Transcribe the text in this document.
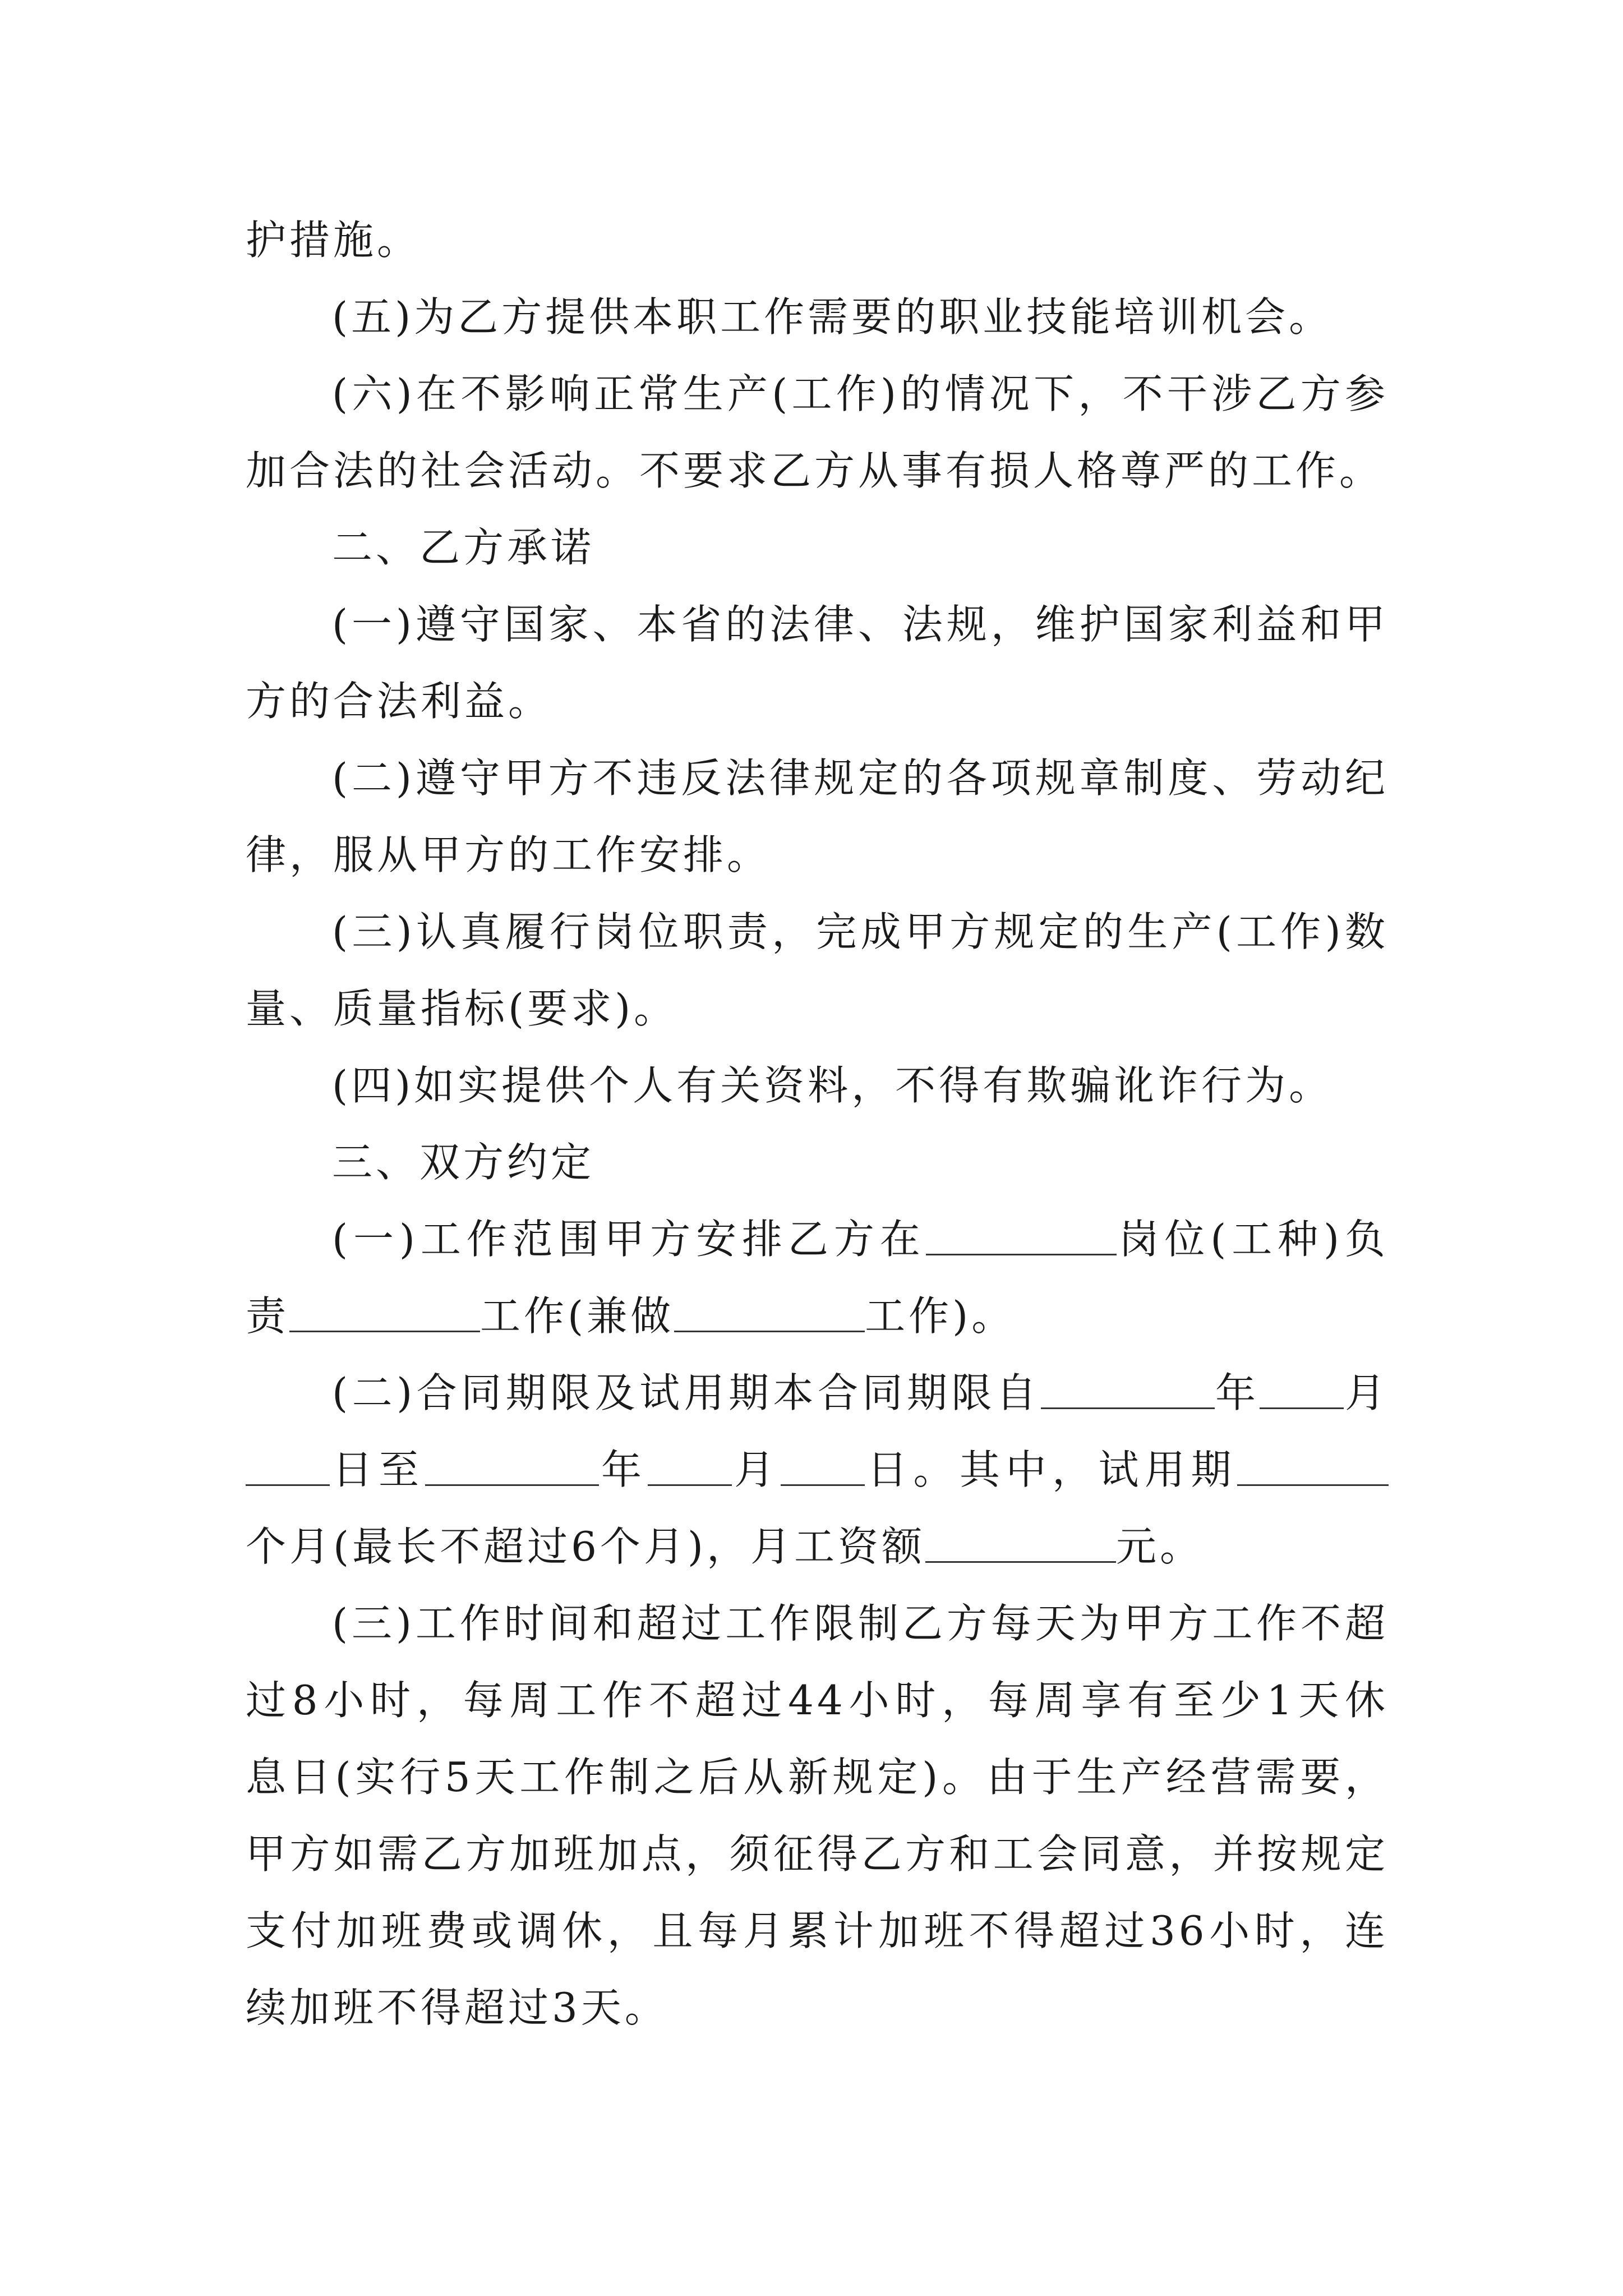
护措施。
(五)为乙方提供本职工作需要的职业技能培训机会。
(六)在不影响正常生产(工作)的情况下，不干涉乙方参
加合法的社会活动。不要求乙方从事有损人格尊严的工作。
二、乙方承诺
(一)遵守国家、本省的法律、法规，维护国家利益和甲
方的合法利益。
(二)遵守甲方不违反法律规定的各项规章制度、劳动纪
律，服从甲方的工作安排。
(三)认真履行岗位职责，完成甲方规定的生产(工作)数
量、质量指标(要求)。
(四)如实提供个人有关资料，不得有欺骗讹诈行为。
三、双方约定
(一)工作范围甲方安排乙方在	岗位(工种)负
责	工作(兼做	工作)。
(二)合同期限及试用期本合同期限自	年 月
日至	年 月 日。其中，试用期
个月(最长不超过6个月)，月工资额	元。
(三)工作时间和超过工作限制乙方每天为甲方工作不超
过8小时，每周工作不超过44小时，每周享有至少1天休
息日(实行5天工作制之后从新规定)。由于生产经营需要，
甲方如需乙方加班加点，须征得乙方和工会同意，并按规定
支付加班费或调休，且每月累计加班不得超过36小时，连
续加班不得超过3天。
